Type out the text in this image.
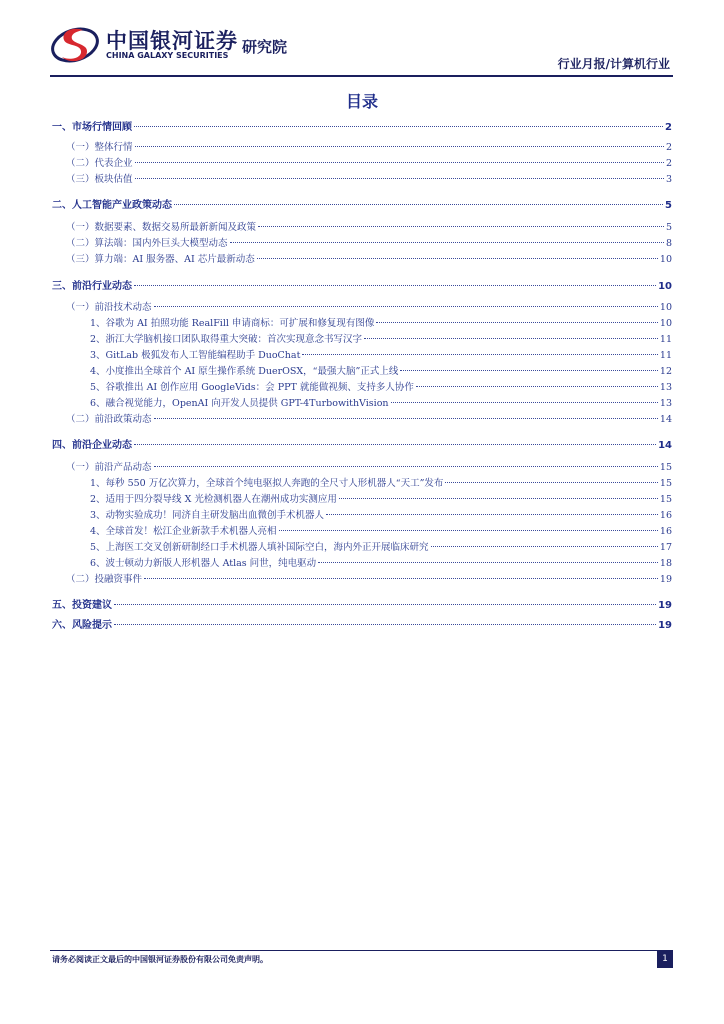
中国银河证券
CHINA GALAXY SECURITIES 研究院
行业月报/计算机行业
目录
一、市场行情回顾	2
（一）整体行情	2
（二）代表企业	2
（三）板块估值	3
二、人工智能产业政策动态	5
（一）数据要素、数据交易所最新新闻及政策	5
（二）算法端：国内外巨头大模型动态	8
（三）算力端：AI 服务器、AI 芯片最新动态	10
三、前沿行业动态	10
（一）前沿技术动态	10
1、谷歌为 AI 拍照功能 RealFill 申请商标：可扩展和修复现有图像	10
2、浙江大学脑机接口团队取得重大突破：首次实现意念书写汉字	11
3、GitLab 极狐发布人工智能编程助手 DuoChat	11
4、小度推出全球首个 AI 原生操作系统 DuerOSX，“最强大脑”正式上线	12
5、谷歌推出 AI 创作应用 GoogleVids：会 PPT 就能做视频、支持多人协作	13
6、融合视觉能力，OpenAI 向开发人员提供 GPT-4TurbowithVision	13
（二）前沿政策动态	14
四、前沿企业动态	14
（一）前沿产品动态	15
1、每秒 550 万亿次算力，全球首个纯电驱拟人奔跑的全尺寸人形机器人“天工”发布	15
2、适用于四分裂导线 X 光检测机器人在潮州成功实测应用	15
3、动物实验成功！同济自主研发脑出血微创手术机器人	16
4、全球首发！松江企业新款手术机器人亮相	16
5、上海医工交叉创新研制经口手术机器人填补国际空白，海内外正开展临床研究	17
6、波士顿动力新版人形机器人 Atlas 问世，纯电驱动	18
（二）投融资事件	19
五、投资建议	19
六、风险提示	19
请务必阅读正文最后的中国银河证券股份有限公司免责声明。	1
